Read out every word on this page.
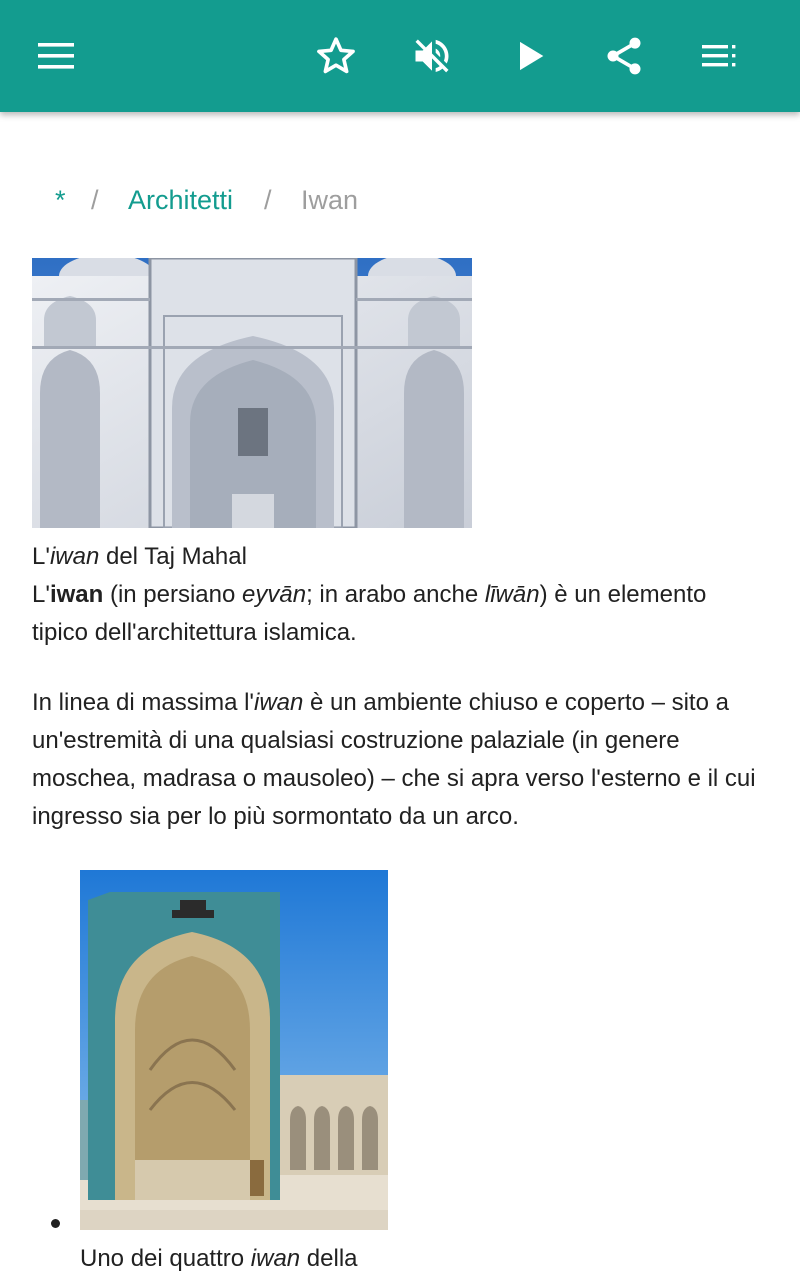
* / Architetti / Iwan
L'iwan del Taj Mahal
L'iwan (in persiano eyvān; in arabo anche līwān) è un elemento tipico dell'architettura islamica.
In linea di massima l'iwan è un ambiente chiuso e coperto – sito a un'estremità di una qualsiasi costruzione palaziale (in genere moschea, madrasa o mausoleo) – che si apra verso l'esterno e il cui ingresso sia per lo più sormontato da un arco.
Uno dei quattro iwan della
